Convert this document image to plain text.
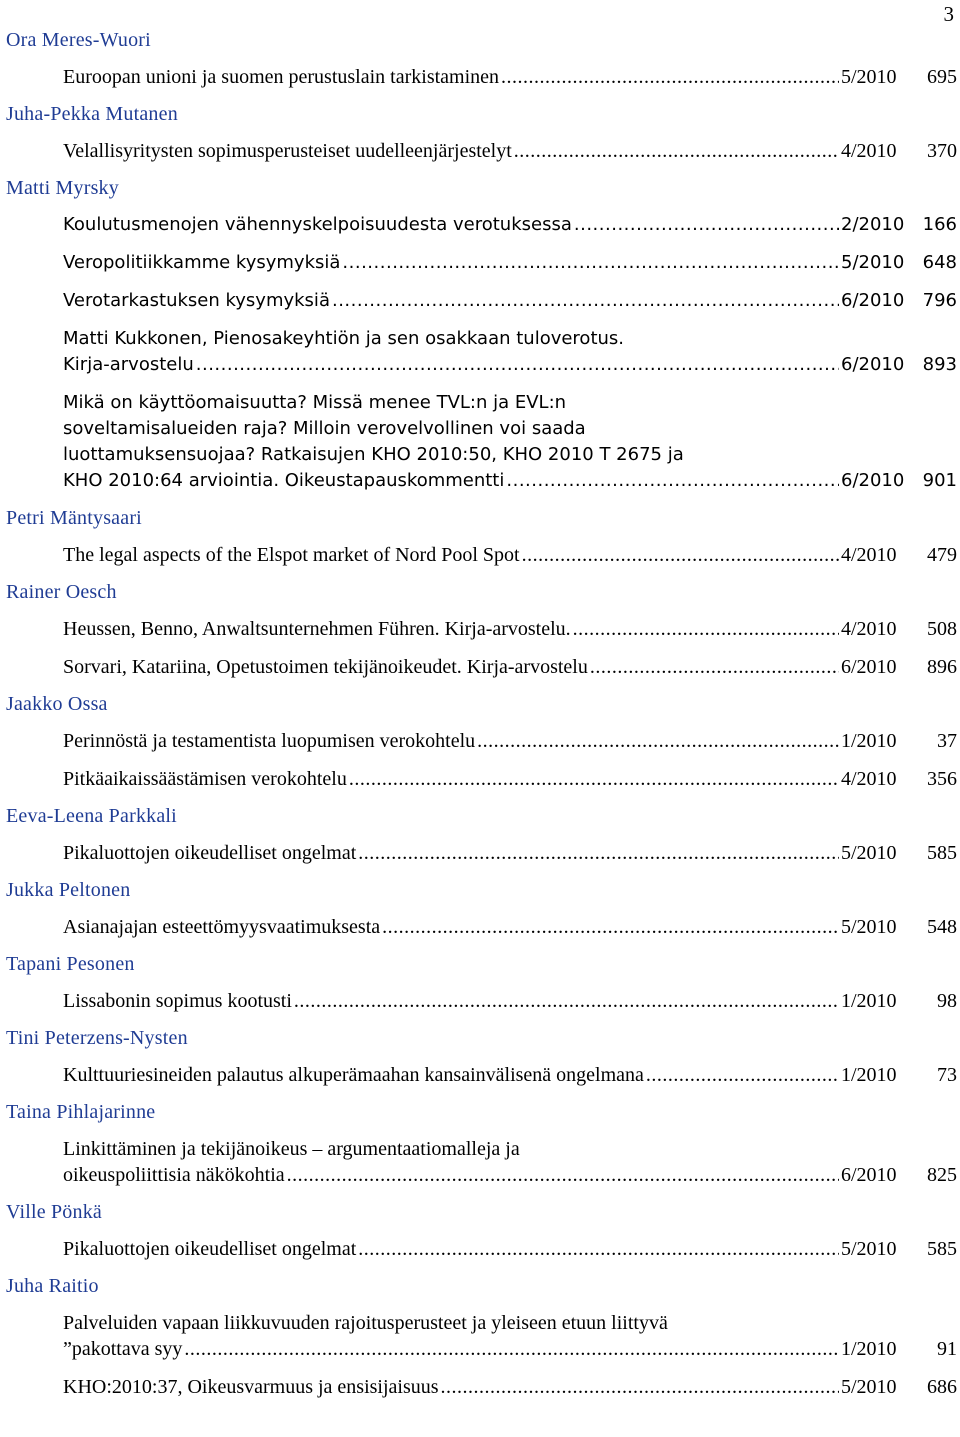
3
Ora Meres-Wuori
Euroopan unioni ja suomen perustuslain tarkistaminen .....	5/2010	695
Juha-Pekka Mutanen
Velallisyritysten sopimusperusteiset uudelleenjärjestelyt .....	4/2010	370
Matti Myrsky
Koulutusmenojen vähennyskelpoisuudesta verotuksessa .....	2/2010	166
Veropolitiikkamme kysymyksiä .....	5/2010	648
Verotarkastuksen kysymyksiä .....	6/2010	796
Matti Kukkonen, Pienosakeyhtiön ja sen osakkaan tuloverotus.
Kirja-arvostelu .....	6/2010	893
Mikä on käyttöomaisuutta? Missä menee TVL:n ja EVL:n
soveltamisalueiden raja? Milloin verovelvollinen voi saada
luottamuksensuojaa? Ratkaisujen KHO 2010:50, KHO 2010 T 2675 ja
KHO 2010:64 arviointia. Oikeustapauskommentti .....	6/2010	901
Petri Mäntysaari
The legal aspects of the Elspot market of Nord Pool Spot .....	4/2010	479
Rainer Oesch
Heussen, Benno, Anwaltsunternehmen Führen. Kirja-arvostelu. .....	4/2010	508
Sorvari, Katariina, Opetustoimen tekijänoikeudet. Kirja-arvostelu .....	6/2010	896
Jaakko Ossa
Perinnöstä ja testamentista luopumisen verokohtelu .....	1/2010	37
Pitkäaikaissäästämisen verokohtelu .....	4/2010	356
Eeva-Leena Parkkali
Pikaluottojen oikeudelliset ongelmat .....	5/2010	585
Jukka Peltonen
Asianajajan esteettömyysvaatimuksesta .....	5/2010	548
Tapani Pesonen
Lissabonin sopimus kootusti .....	1/2010	98
Tini Peterzens-Nysten
Kulttuuriesineiden palautus alkuperämaahan kansainvälisenä ongelmana .....	1/2010	73
Taina Pihlajarinne
Linkittäminen ja tekijänoikeus – argumentaatiomalleja ja
oikeuspoliittisia näkökohtia .....	6/2010	825
Ville Pönkä
Pikaluottojen oikeudelliset ongelmat .....	5/2010	585
Juha Raitio
Palveluiden vapaan liikkuvuuden rajoitusperusteet ja yleiseen etuun liittyvä
”pakottava syy .....	1/2010	91
KHO:2010:37, Oikeusvarmuus ja ensisijaisuus .....	5/2010	686
